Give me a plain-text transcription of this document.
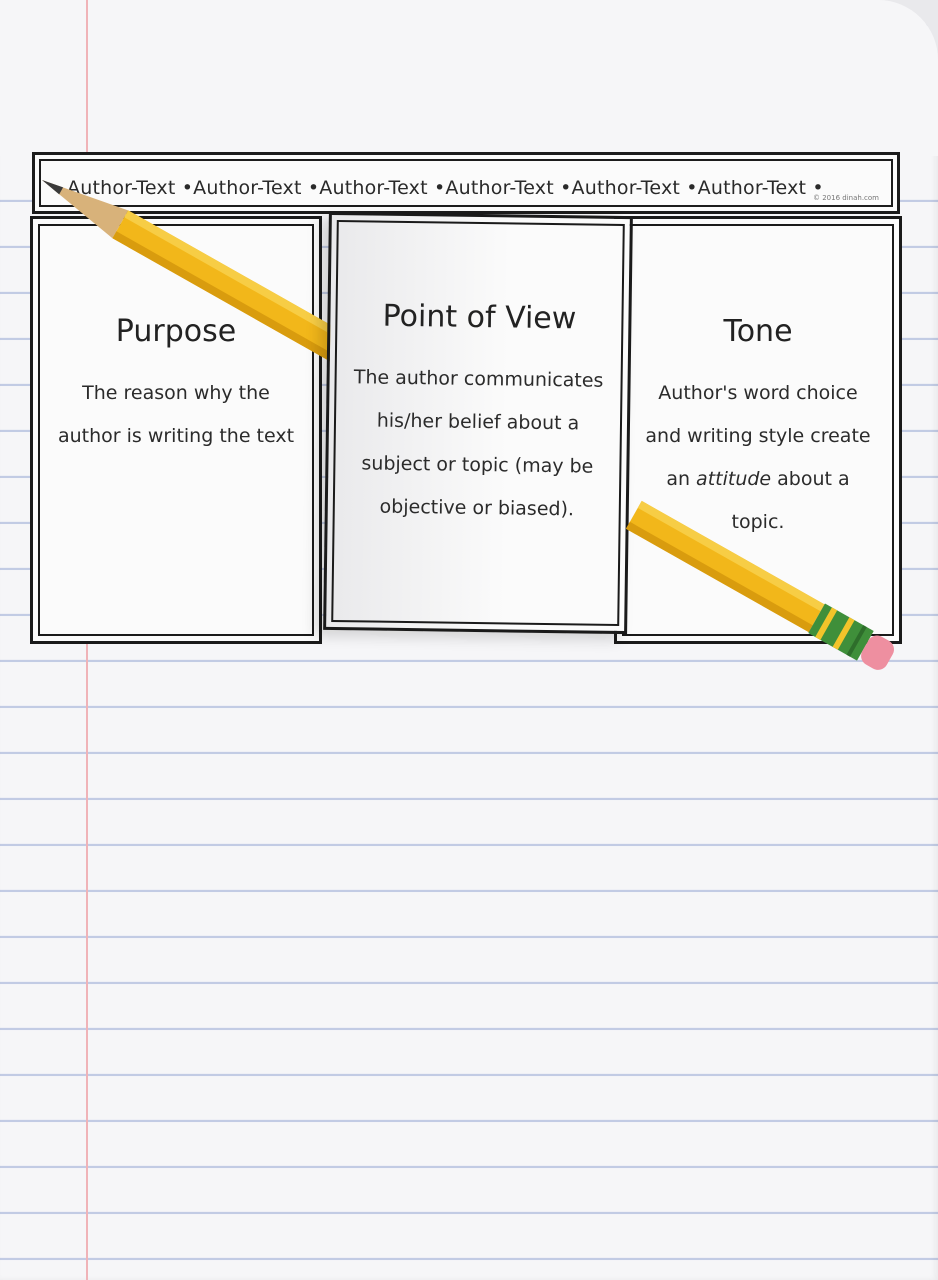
Author-Text •Author-Text •Author-Text •Author-Text •Author-Text •Author-Text •
© 2016 dinah.com
Purpose
The reason why the author is writing the text
Tone
Author's word choice and writing style create an attitude about a topic.
Point of View
The author communicates his/her belief about a subject or topic (may be objective or biased).
